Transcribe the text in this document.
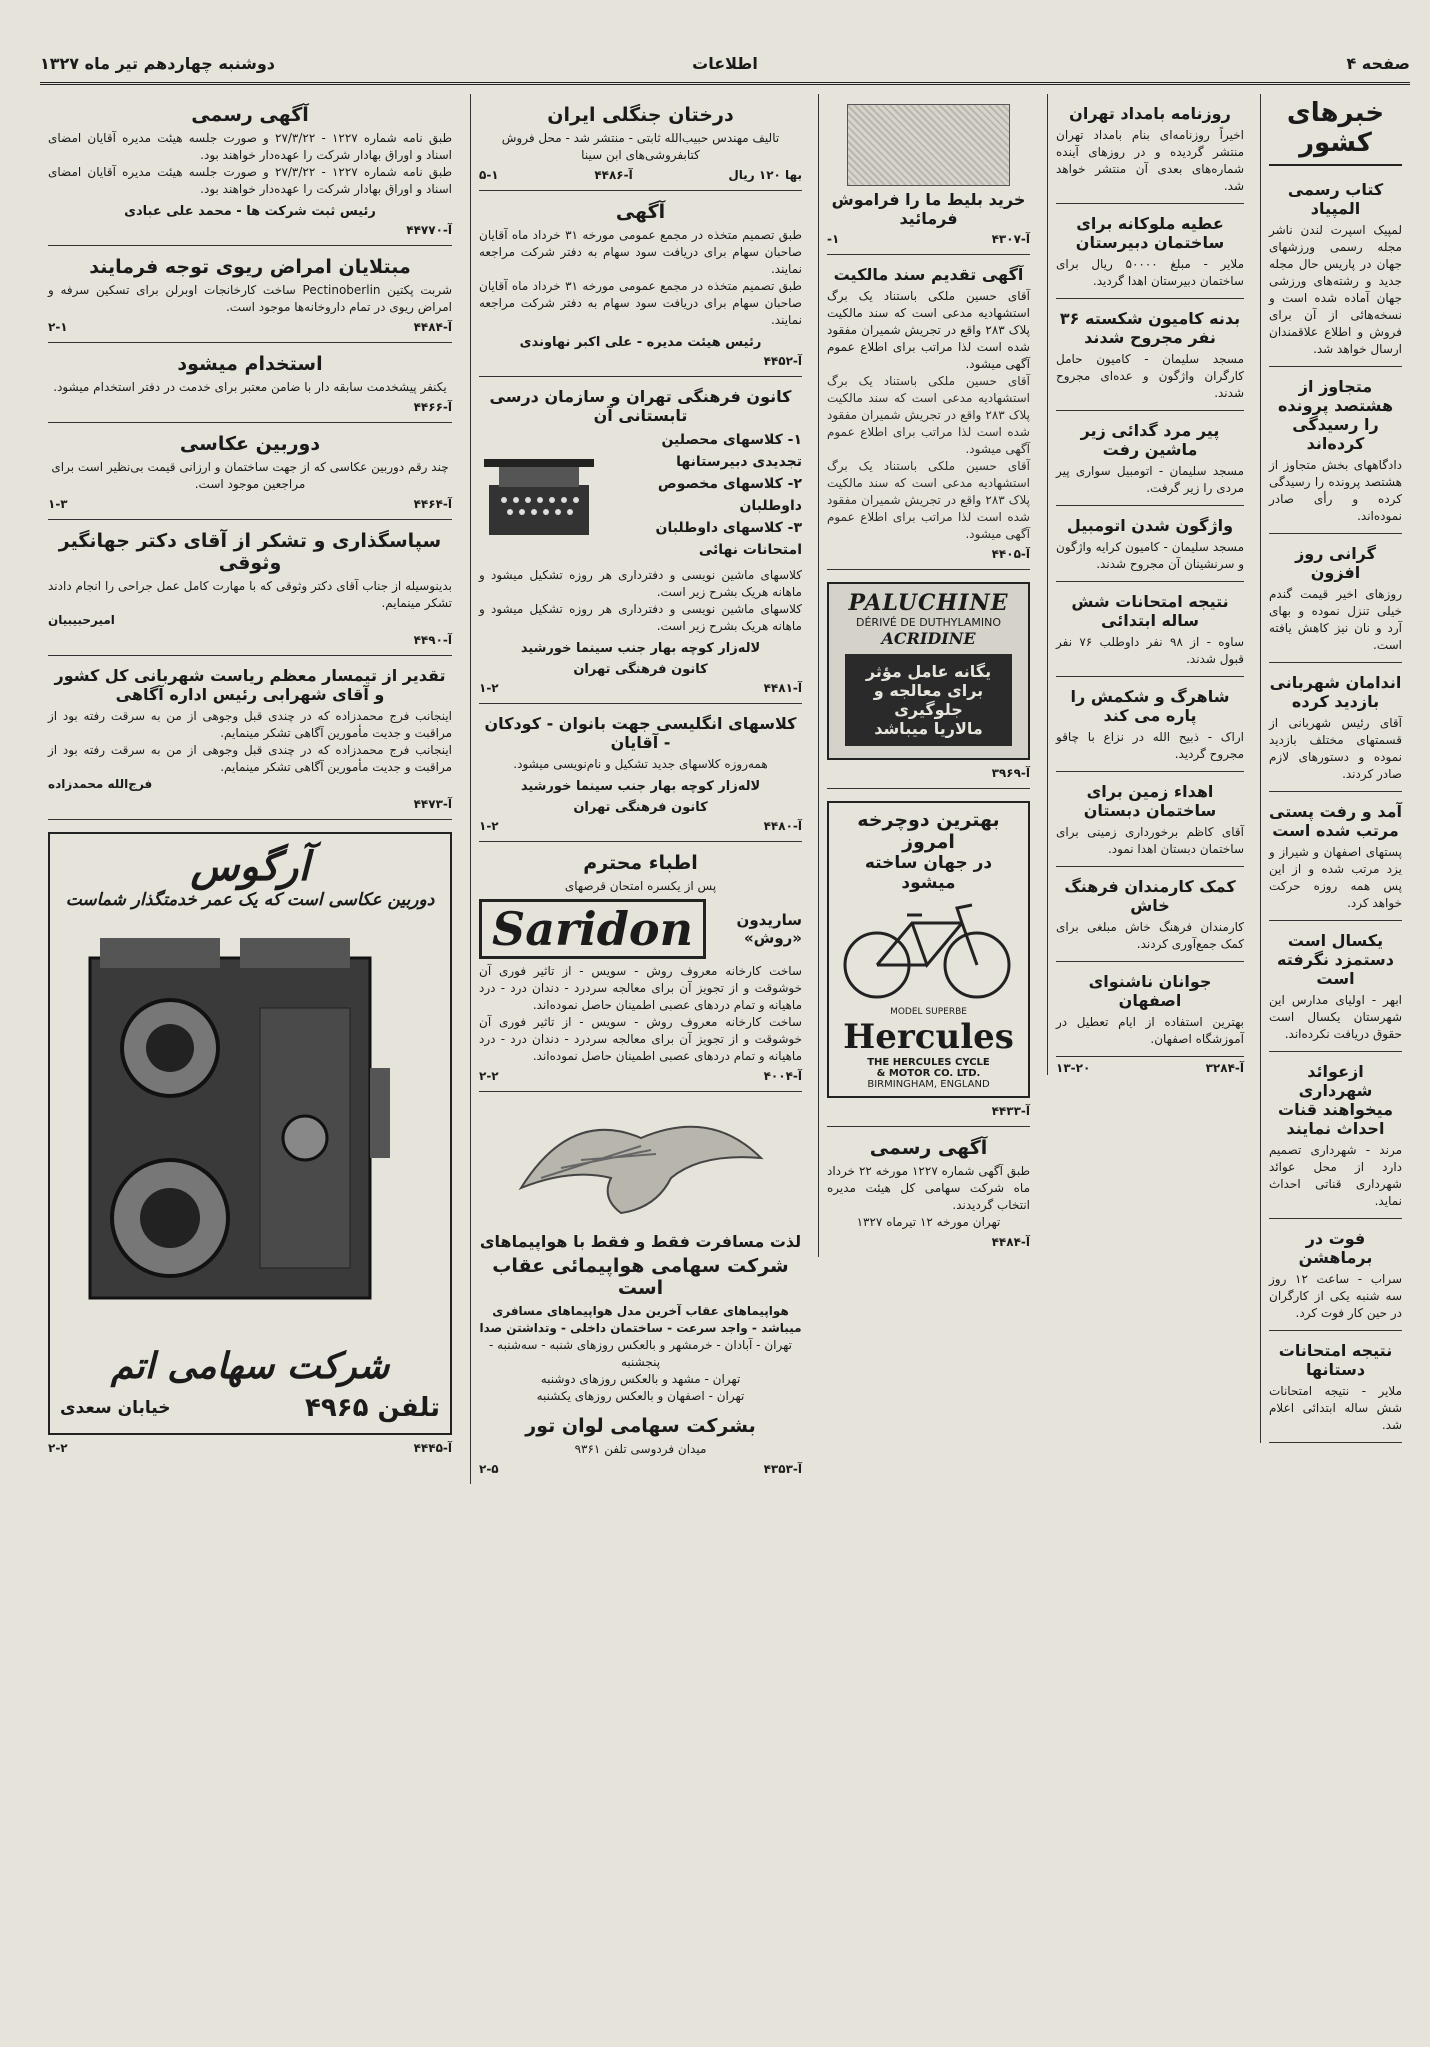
دوشنبه چهاردهم تیر ماه ۱۳۲۷	اطلاعات	صفحه ۴
خبرهای کشور
کتاب رسمی المپیاد
لمپیک اسپرت لندن ناشر مجله رسمی ورزشهای جهان در پاریس حال مجله جدید و رشته‌های ورزشی جهان آماده شده است و نسخه‌هائی از آن برای فروش و اطلاع علاقمندان ارسال خواهد شد.
متجاوز از هشتصد پرونده را رسیدگی کرده‌اند
دادگاههای بخش متجاوز از هشتصد پرونده را رسیدگی کرده و رأی صادر نموده‌اند.
گرانی روز افزون
روزهای اخیر قیمت گندم خیلی تنزل نموده و بهای آرد و نان نیز کاهش یافته است.
اندامان شهربانی بازدید کرده
آقای رئیس شهربانی از قسمتهای مختلف بازدید نموده و دستورهای لازم صادر کردند.
آمد و رفت پستی مرتب شده است
پستهای اصفهان و شیراز و یزد مرتب شده و از این پس همه روزه حرکت خواهد کرد.
یکسال است دستمزد نگرفته است
ابهر - اولیای مدارس این شهرستان یکسال است حقوق دریافت نکرده‌اند.
ازعوائد شهرداری میخواهند قنات احداث نمایند
مرند - شهرداری تصمیم دارد از محل عوائد شهرداری قناتی احداث نماید.
فوت در برماهشن
سراب - ساعت ۱۲ روز سه شنبه یکی از کارگران در حین کار فوت کرد.
نتیجه امتحانات دستانها
ملایر - نتیجه امتحانات شش ساله ابتدائی اعلام شد.
روزنامه بامداد تهران
اخیراً روزنامه‌ای بنام بامداد تهران منتشر گردیده و در روزهای آینده شماره‌های بعدی آن منتشر خواهد شد.
عطیه ملوکانه برای ساختمان دبیرستان
ملایر - مبلغ ۵۰۰۰۰ ریال برای ساختمان دبیرستان اهدا گردید.
بدنه کامیون شکسته ۳۶ نفر مجروح شدند
مسجد سلیمان - کامیون حامل کارگران واژگون و عده‌ای مجروح شدند.
پیر مرد گدائی زیر ماشین رفت
مسجد سلیمان - اتومبیل سواری پیر مردی را زیر گرفت.
واژگون شدن اتومبیل
مسجد سلیمان - کامیون کرایه واژگون و سرنشینان آن مجروح شدند.
نتیجه امتحانات شش ساله ابتدائی
ساوه - از ۹۸ نفر داوطلب ۷۶ نفر قبول شدند.
شاهرگ و شکمش را پاره می کند
اراک - ذبیح الله در نزاع با چاقو مجروح گردید.
اهداء زمین برای ساختمان دبستان
آقای کاظم برخورداری زمینی برای ساختمان دبستان اهدا نمود.
کمک کارمندان فرهنگ خاش
کارمندان فرهنگ خاش مبلغی برای کمک جمع‌آوری کردند.
جوانان ناشنوای اصفهان
بهترین استفاده از ایام تعطیل در آموزشگاه اصفهان.
آ-۳۲۸۴
۱۳-۲۰
خرید بلیط ما را فراموش فرمائید
آ-۴۳۰۷
۱-
آگهی تقدیم سند مالکیت
آقای حسین ملکی باستناد یک برگ استشهادیه مدعی است که سند مالکیت پلاک ۲۸۳ واقع در تجریش شمیران مفقود شده است لذا مراتب برای اطلاع عموم آگهی میشود.
آقای حسین ملکی باستناد یک برگ استشهادیه مدعی است که سند مالکیت پلاک ۲۸۳ واقع در تجریش شمیران مفقود شده است لذا مراتب برای اطلاع عموم آگهی میشود.
آقای حسین ملکی باستناد یک برگ استشهادیه مدعی است که سند مالکیت پلاک ۲۸۳ واقع در تجریش شمیران مفقود شده است لذا مراتب برای اطلاع عموم آگهی میشود.
آ-۴۴۰۵
PALUCHINE
DÉRIVÉ DE DUTHYLAMINO
ACRIDINE
یگانه عامل مؤثر
برای معالجه و جلوگیری
مالاریا میباشد
آ-۳۹۶۹
بهترین دوچرخه امروز
در جهان ساخته میشود
MODEL SUPERBE
Hercules
THE HERCULES CYCLE
& MOTOR CO. LTD.
BIRMINGHAM, ENGLAND
آ-۴۴۳۳
آگهی رسمی
طبق آگهی شماره ۱۲۲۷ مورخه ۲۲ خرداد ماه شرکت سهامی کل هیئت مدیره انتخاب گردیدند.
تهران مورخه ۱۲ تیرماه ۱۳۲۷
آ-۴۴۸۴
درختان جنگلی ایران
تالیف مهندس حبیب‌الله ثابتی - منتشر شد - محل فروش کتابفروشی‌های ابن سینا
بها ۱۲۰ ریال
آ-۴۴۸۶
۵-۱
آگهی
طبق تصمیم متخذه در مجمع عمومی مورخه ۳۱ خرداد ماه آقایان صاحبان سهام برای دریافت سود سهام به دفتر شرکت مراجعه نمایند.
طبق تصمیم متخذه در مجمع عمومی مورخه ۳۱ خرداد ماه آقایان صاحبان سهام برای دریافت سود سهام به دفتر شرکت مراجعه نمایند.
رئیس هیئت مدیره - علی اکبر نهاوندی
آ-۴۴۵۲
کانون فرهنگی تهران و سازمان درسی تابستانی آن
۱- کلاسهای محصلین تجدیدی دبیرستانها
۲- کلاسهای مخصوص داوطلبان
۳- کلاسهای داوطلبان امتحانات نهائی
کلاسهای ماشین نویسی و دفترداری هر روزه تشکیل میشود و ماهانه هریک بشرح زیر است.
کلاسهای ماشین نویسی و دفترداری هر روزه تشکیل میشود و ماهانه هریک بشرح زیر است.
لاله‌زار کوچه بهار جنب سینما خورشید
کانون فرهنگی تهران
آ-۴۴۸۱
۱-۲
کلاسهای انگلیسی جهت بانوان - کودکان - آقایان
همه‌روزه کلاسهای جدید تشکیل و نام‌نویسی میشود.
لاله‌زار کوچه بهار جنب سینما خورشید
کانون فرهنگی تهران
آ-۴۴۸۰
۱-۲
اطباء محترم
پس از یکسره امتحان قرصهای
ساریدون «روش»
Saridon
ساخت کارخانه معروف روش - سویس - از تاثیر فوری آن خوشوقت و از تجویز آن برای معالجه سردرد - دندان درد - درد ماهیانه و تمام دردهای عصبی اطمینان حاصل نموده‌اند.
ساخت کارخانه معروف روش - سویس - از تاثیر فوری آن خوشوقت و از تجویز آن برای معالجه سردرد - دندان درد - درد ماهیانه و تمام دردهای عصبی اطمینان حاصل نموده‌اند.
آ-۴۰۰۴
۲-۲
لذت مسافرت فقط و فقط با هواپیماهای
شرکت سهامی هواپیمائی عقاب است
هواپیماهای عقاب آخرین مدل هواپیماهای مسافری میباشد - واجد سرعت - ساختمان داخلی - وتداشتن صدا
تهران - آبادان - خرمشهر و بالعکس روزهای شنبه - سه‌شنبه - پنجشنبه
تهران - مشهد و بالعکس روزهای دوشنبه
تهران - اصفهان و بالعکس روزهای یکشنبه
بشرکت سهامی لوان تور
میدان فردوسی تلفن ۹۳۶۱
آ-۴۳۵۳
۲-۵
آگهی رسمی
طبق نامه شماره ۱۲۲۷ - ۲۷/۳/۲۲ و صورت جلسه هیئت مدیره آقایان امضای اسناد و اوراق بهادار شرکت را عهده‌دار خواهند بود.
طبق نامه شماره ۱۲۲۷ - ۲۷/۳/۲۲ و صورت جلسه هیئت مدیره آقایان امضای اسناد و اوراق بهادار شرکت را عهده‌دار خواهند بود.
رئیس ثبت شرکت ها - محمد علی عبادی
آ-۴۴۷۷۰
مبتلایان امراض ریوی توجه فرمایند
شربت پکتین Pectinoberlin ساخت کارخانجات اوبرلن برای تسکین سرفه و امراض ریوی در تمام داروخانه‌ها موجود است.
آ-۴۴۸۴
۲-۱
استخدام میشود
یکنفر پیشخدمت سابقه دار با ضامن معتبر برای خدمت در دفتر استخدام میشود.
آ-۴۴۶۶
دوربین عکاسی
چند رقم دوربین عکاسی که از جهت ساختمان و ارزانی قیمت بی‌نظیر است برای مراجعین موجود است.
آ-۴۴۶۴
۱-۳
سپاسگذاری و تشکر از آقای دکتر جهانگیر وثوقی
بدینوسیله از جناب آقای دکتر وثوقی که با مهارت کامل عمل جراحی را انجام دادند تشکر مینمایم.
امیرحبیبیان
آ-۴۴۹۰
تقدیر از تیمسار معظم ریاست شهربانی کل کشور و آقای شهرابی رئیس اداره آگاهی
اینجانب فرج محمدزاده که در چندی قبل وجوهی از من به سرقت رفته بود از مراقبت و جدیت مأمورین آگاهی تشکر مینمایم.
اینجانب فرج محمدزاده که در چندی قبل وجوهی از من به سرقت رفته بود از مراقبت و جدیت مأمورین آگاهی تشکر مینمایم.
فرج‌الله محمدزاده
آ-۴۴۷۳
آرگوس
دوربین عکاسی است که یک عمر خدمتگذار شماست
شرکت سهامی اتم
تلفن ۴۹۶۵
خیابان سعدی
آ-۴۴۴۵
۲-۲
